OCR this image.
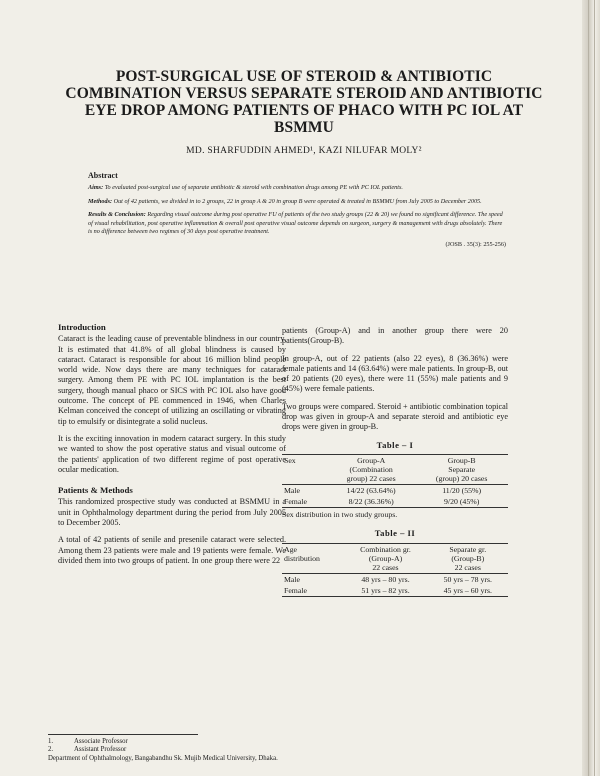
POST-SURGICAL USE OF STEROID & ANTIBIOTIC COMBINATION VERSUS SEPARATE STEROID AND ANTIBIOTIC EYE DROP AMONG PATIENTS OF PHACO WITH PC IOL AT BSMMU
MD. SHARFUDDIN AHMED¹, KAZI NILUFAR MOLY²
Abstract

Aims: To evaluated post-surgical use of separate antibiotic & steroid with combination drugs among PE with PC IOL patients.

Methods: Out of 42 patients, we divided in to 2 groups, 22 in group A & 20 in group B were operated & treated in BSMMU from July 2005 to December 2005.

Results & Conclusion: Regarding visual outcome during post operative FU of patients of the two study groups (22 & 20) we found no significant difference. The speed of visual rehabilitation, post operative inflammation & overall post operative visual outcome depends on surgeon, surgery & management with drugs absolutely. There is no difference between two regimes of 30 days post operative treatment.

(JOSB . 35(3): 255-256)
Introduction

Cataract is the leading cause of preventable blindness in our country. It is estimated that 41.8% of all global blindness is caused by cataract. Cataract is responsible for about 16 million blind people world wide. Now days there are many techniques for cataract surgery. Among them PE with PC IOL implantation is the best surgery, though manual phaco or SICS with PC IOL also have good outcome. The concept of PE commenced in 1946, when Charles Kelman conceived the concept of utilizing an oscillating or vibrating tip to emulsify or disintegrate a solid nucleus.

It is the exciting innovation in modern cataract surgery. In this study we wanted to show the post operative status and visual outcome of the patients' application of two different regime of post operative ocular medication.

Patients & Methods

This randomized prospective study was conducted at BSMMU in a unit in Ophthalmology department during the period from July 2005 to December 2005.

A total of 42 patients of senile and presenile cataract were selected. Among them 23 patients were male and 19 patients were female. We divided them into two groups of patient. In one group there were 22

patients (Group-A) and in another group there were 20 patients(Group-B).

In group-A, out of 22 patients (also 22 eyes), 8 (36.36%) were female patients and 14 (63.64%) were male patients. In group-B, out of 20 patients (20 eyes), there were 11 (55%) male patients and 9 (45%) were female patients.

Two groups were compared. Steroid + antibiotic combination topical drop was given in group-A and separate steroid and antibiotic eye drops were given in group-B.

Table – I
Sex	Group-A
(Combination
group) 22 cases	Group-B
Separate
(group) 20 cases
Male	14/22 (63.64%)	11/20 (55%)
Female	8/22 (36.36%)	9/20 (45%)
Sex distribution in two study groups.
Table – II
Age
distribution	Combination gr.
(Group-A)
22 cases	Separate gr.
(Group-B)
22 cases
Male	48 yrs – 80 yrs.	50 yrs – 78 yrs.
Female	51 yrs – 82 yrs.	45 yrs – 60 yrs.
1.	Associate Professor
2.	Assistant Professor
Department of Ophthalmology, Bangabandhu Sk. Mujib Medical University, Dhaka.
